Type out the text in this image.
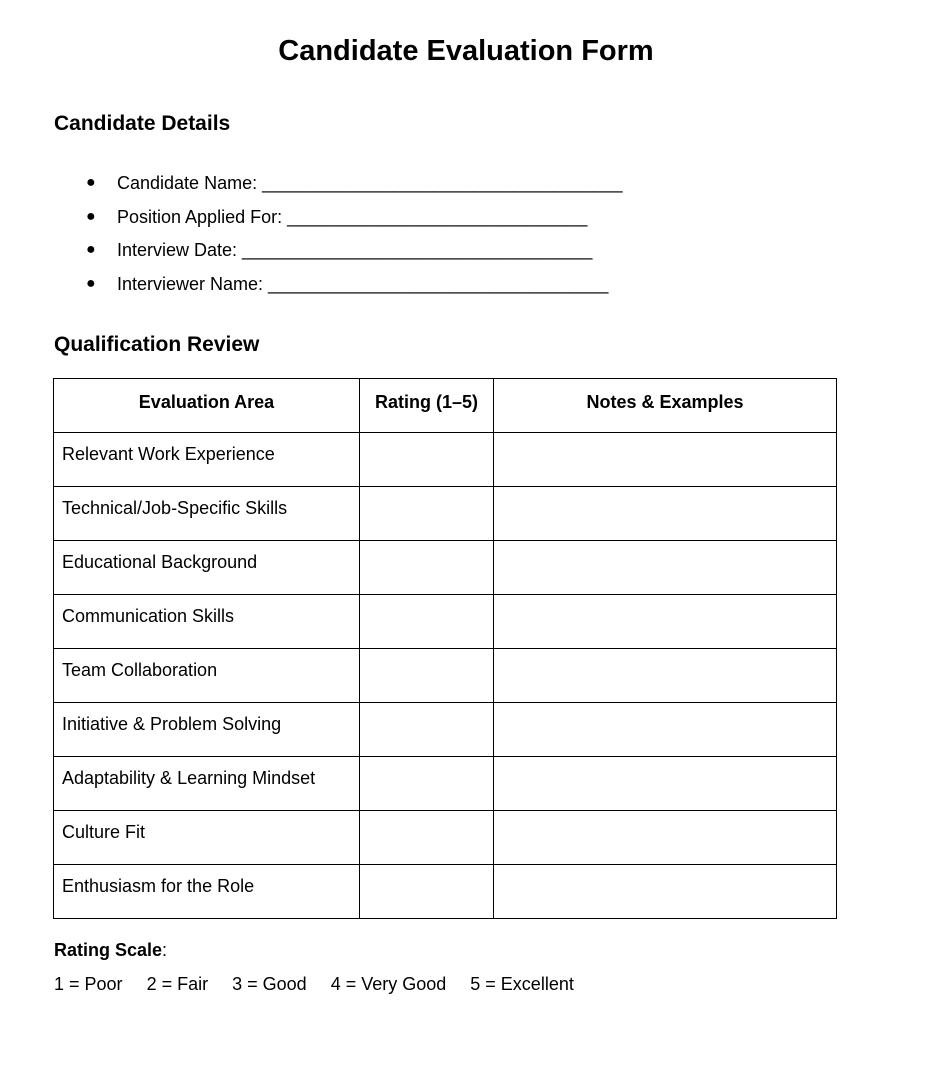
Candidate Evaluation Form
Candidate Details
● Candidate Name: ____________________________________
● Position Applied For: ______________________________
● Interview Date: ___________________________________
● Interviewer Name: __________________________________
Qualification Review
Evaluation Area	Rating (1–5)	Notes & Examples
Relevant Work Experience		
Technical/Job-Specific Skills		
Educational Background		
Communication Skills		
Team Collaboration		
Initiative & Problem Solving		
Adaptability & Learning Mindset		
Culture Fit		
Enthusiasm for the Role		
Rating Scale:
1 = Poor 2 = Fair 3 = Good 4 = Very Good 5 = Excellent
